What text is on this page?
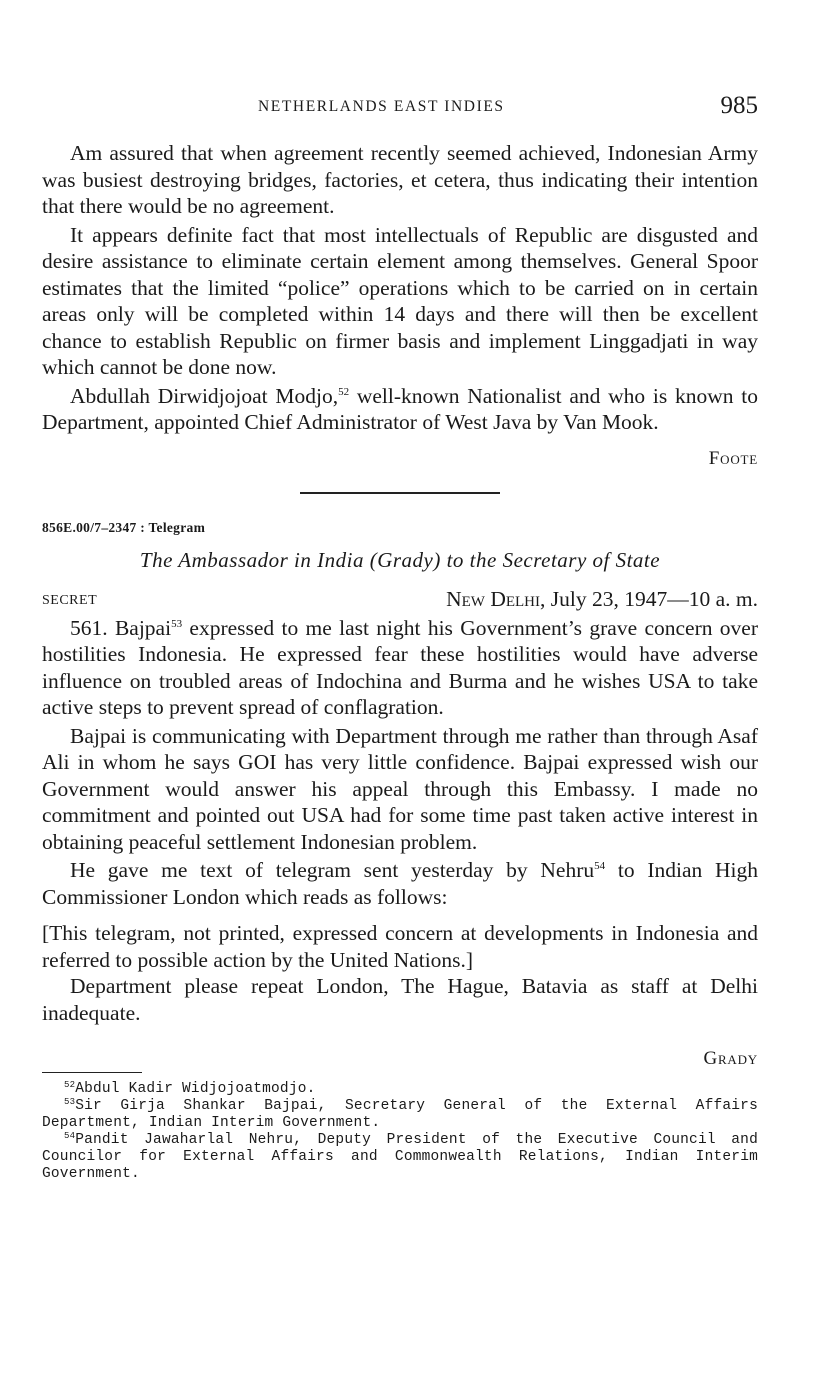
NETHERLANDS EAST INDIES	985

Am assured that when agreement recently seemed achieved, Indonesian Army was busiest destroying bridges, factories, et cetera, thus indicating their intention that there would be no agreement.

It appears definite fact that most intellectuals of Republic are disgusted and desire assistance to eliminate certain element among themselves. General Spoor estimates that the limited “police” operations which to be carried on in certain areas only will be completed within 14 days and there will then be excellent chance to establish Republic on firmer basis and implement Linggadjati in way which cannot be done now.

Abdullah Dirwidjojoat Modjo,$^{52}$ well-known Nationalist and who is known to Department, appointed Chief Administrator of West Java by Van Mook.

Foote
856E.00/7–2347 : Telegram
The Ambassador in India (Grady) to the Secretary of State
SECRET	New Delhi, July 23, 1947—10 a. m.

561. Bajpai$^{53}$ expressed to me last night his Government’s grave concern over hostilities Indonesia. He expressed fear these hostilities would have adverse influence on troubled areas of Indochina and Burma and he wishes USA to take active steps to prevent spread of conflagration.

Bajpai is communicating with Department through me rather than through Asaf Ali in whom he says GOI has very little confidence. Bajpai expressed wish our Government would answer his appeal through this Embassy. I made no commitment and pointed out USA had for some time past taken active interest in obtaining peaceful settlement Indonesian problem.

He gave me text of telegram sent yesterday by Nehru$^{54}$ to Indian High Commissioner London which reads as follows:

[This telegram, not printed, expressed concern at developments in Indonesia and referred to possible action by the United Nations.]

Department please repeat London, The Hague, Batavia as staff at Delhi inadequate.

Grady
$^{52}$Abdul Kadir Widjojoatmodjo.
$^{53}$Sir Girja Shankar Bajpai, Secretary General of the External Affairs Department, Indian Interim Government.
$^{54}$Pandit Jawaharlal Nehru, Deputy President of the Executive Council and Councilor for External Affairs and Commonwealth Relations, Indian Interim Government.
